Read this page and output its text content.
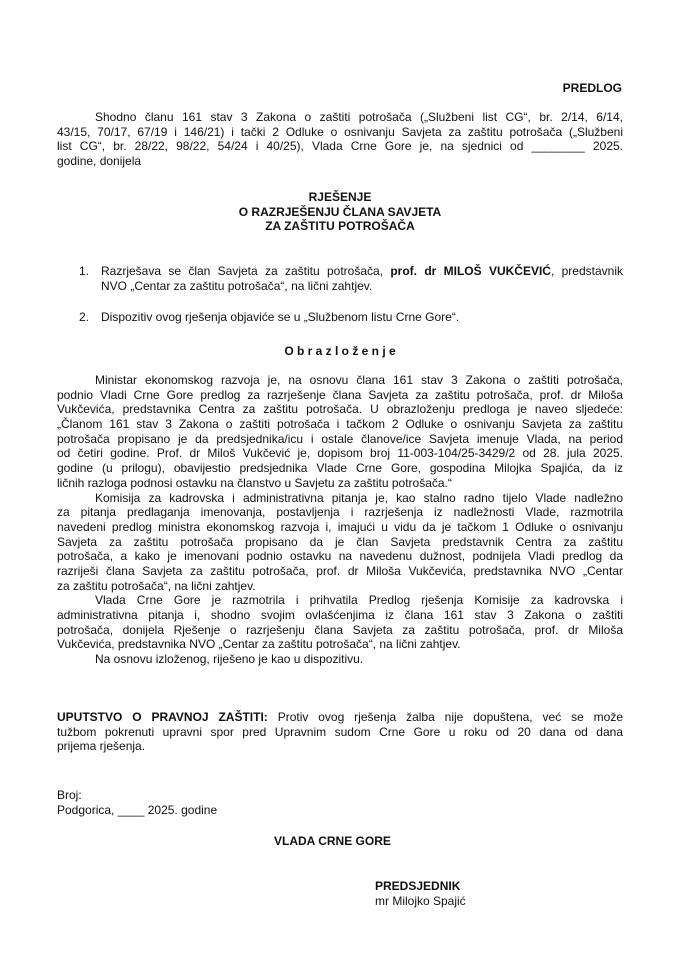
PREDLOG
Shodno članu 161 stav 3 Zakona o zaštiti potrošača („Službeni list CG“, br. 2/14, 6/14,
43/15, 70/17, 67/19 i 146/21) i tački 2 Odluke o osnivanju Savjeta za zaštitu potrošača („Službeni
list CG“, br. 28/22, 98/22, 54/24 i 40/25), Vlada Crne Gore je, na sjednici od ________ 2025.
godine, donijela
RJEŠENJE
O RAZRJEŠENJU ČLANA SAVJETA
ZA ZAŠTITU POTROŠAČA
1. Razrješava se član Savjeta za zaštitu potrošača, prof. dr MILOŠ VUKČEVIĆ, predstavnik
NVO „Centar za zaštitu potrošača“, na lični zahtjev.
2. Dispozitiv ovog rješenja objaviće se u „Službenom listu Crne Gore“.
O b r a z l o ž e n j e
Ministar ekonomskog razvoja je, na osnovu člana 161 stav 3 Zakona o zaštiti potrošača,
podnio Vladi Crne Gore predlog za razrješenje člana Savjeta za zaštitu potrošača, prof. dr Miloša
Vukčevića, predstavnika Centra za zaštitu potrošača. U obrazloženju predloga je naveo sljedeće:
„Članom 161 stav 3 Zakona o zaštiti potrošača i tačkom 2 Odluke o osnivanju Savjeta za zaštitu
potrošača propisano je da predsjednika/icu i ostale članove/ice Savjeta imenuje Vlada, na period
od četiri godine. Prof. dr Miloš Vukčević je, dopisom broj 11-003-104/25-3429/2 od 28. jula 2025.
godine (u prilogu), obavijestio predsjednika Vlade Crne Gore, gospodina Milojka Spajića, da iz
ličnih razloga podnosi ostavku na članstvo u Savjetu za zaštitu potrošača.“
Komisija za kadrovska i administrativna pitanja je, kao stalno radno tijelo Vlade nadležno
za pitanja predlaganja imenovanja, postavljenja i razrješenja iz nadležnosti Vlade, razmotrila
navedeni predlog ministra ekonomskog razvoja i, imajući u vidu da je tačkom 1 Odluke o osnivanju
Savjeta za zaštitu potrošača propisano da je član Savjeta predstavnik Centra za zaštitu
potrošača, a kako je imenovani podnio ostavku na navedenu dužnost, podnijela Vladi predlog da
razriješi člana Savjeta za zaštitu potrošača, prof. dr Miloša Vukčevića, predstavnika NVO „Centar
za zaštitu potrošača“, na lični zahtjev.
Vlada Crne Gore je razmotrila i prihvatila Predlog rješenja Komisije za kadrovska i
administrativna pitanja i, shodno svojim ovlašćenjima iz člana 161 stav 3 Zakona o zaštiti
potrošača, donijela Rješenje o razrješenju člana Savjeta za zaštitu potrošača, prof. dr Miloša
Vukčevića, predstavnika NVO „Centar za zaštitu potrošača“, na lični zahtjev.
Na osnovu izloženog, riješeno je kao u dispozitivu.
UPUTSTVO O PRAVNOJ ZAŠTITI: Protiv ovog rješenja žalba nije dopuštena, već se može
tužbom pokrenuti upravni spor pred Upravnim sudom Crne Gore u roku od 20 dana od dana
prijema rješenja.
Broj:
Podgorica, ____ 2025. godine
VLADA CRNE GORE
PREDSJEDNIK
mr Milojko Spajić
